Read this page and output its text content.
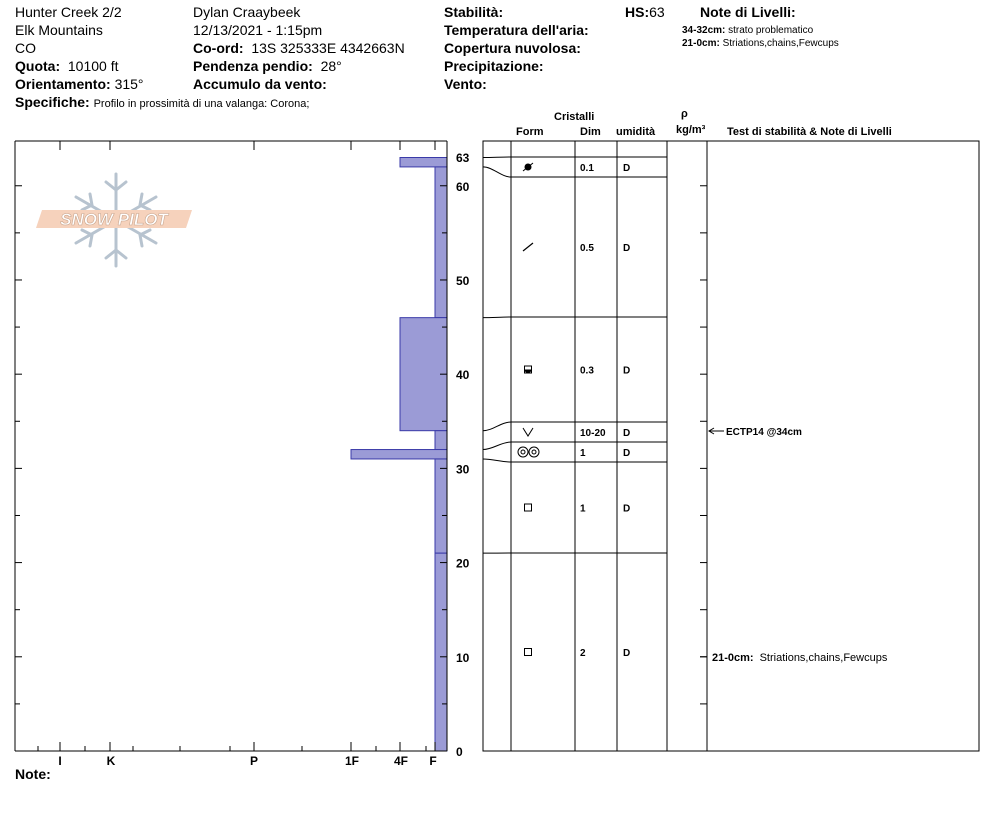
Hunter Creek 2/2
Elk Mountains
CO
Quota: 10100 ft
Orientamento: 315°
Specifiche: Profilo in prossimità di una valanga: Corona;
Dylan Craaybeek
12/13/2021 - 1:15pm
Co-ord: 13S 325333E 4342663N
Pendenza pendio: 28°
Accumulo da vento:
Stabilità:
Temperatura dell'aria:
Copertura nuvolosa:
Precipitazione:
Vento:
HS:63	Note di Livelli:
34-32cm: strato problematico
21-0cm: Striations,chains,Fewcups
Cristalli
Form	Dim umidità
ρ
kg/m³ Test di stabilità & Note di Livelli
Note:
SNOW PILOT
0
10
20
30
40
50
60
63
I	K	P	1F	4F F
0.1	D
0.5	D
0.3	D
10-20 D
1	D
1	D
2	D
ECTP14 @34cm
21-0cm: Striations,chains,Fewcups
